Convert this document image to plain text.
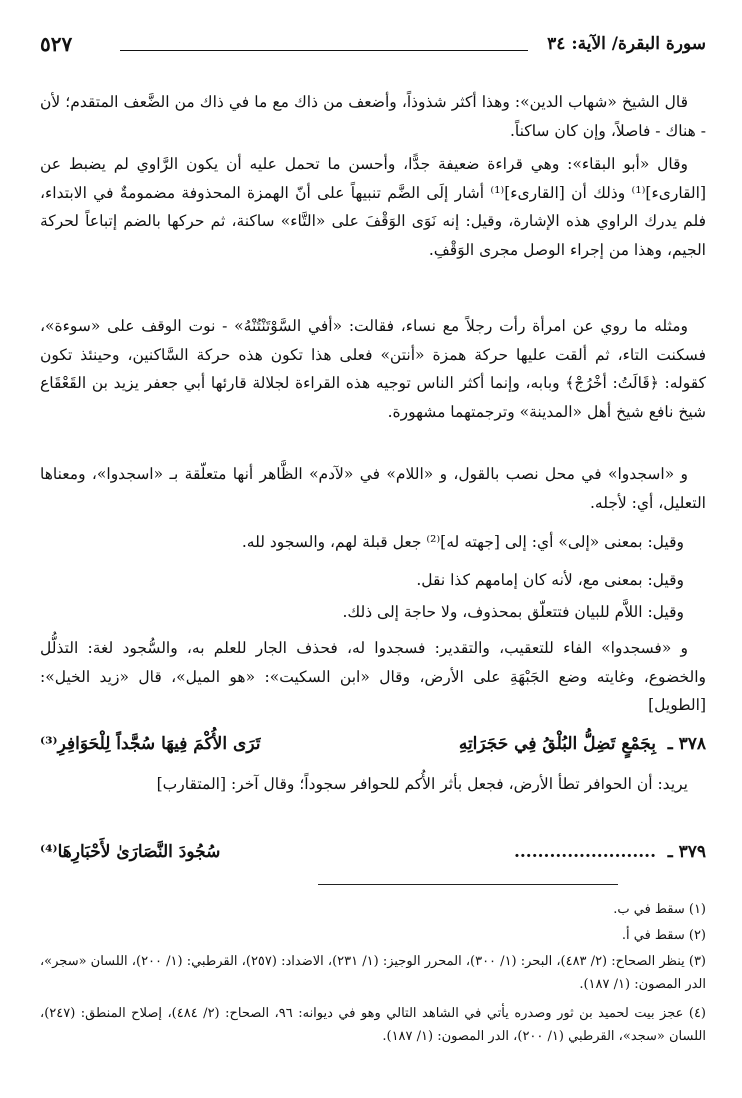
سورة البقرة/ الآية: ٣٤
٥٢٧
قال الشيخ «شهاب الدين»: وهذا أكثر شذوذاً، وأضعف من ذاك مع ما في ذاك من الضَّعف المتقدم؛ لأن - هناك - فاصلاً، وإن كان ساكناً.
وقال «أبو البقاء»: وهي قراءة ضعيفة جدًّا، وأحسن ما تحمل عليه أن يكون الرَّاوي لم يضبط عن [القارىء]⁽¹⁾ وذلك أن [القارىء]⁽¹⁾ أشار إلَى الضَّم تنبيهاً على أنّ الهمزة المحذوفة مضمومةٌ في الابتداء، فلم يدرك الراوي هذه الإشارة، وقيل: إنه نَوَى الوَقْفَ على «التَّاء» ساكنة، ثم حركها بالضم إتباعاً لحركة الجيم، وهذا من إجراء الوصل مجرى الوَقْفِ.
ومثله ما روي عن امرأة رأت رجلاً مع نساء، فقالت: «أفي السَّوْتَنْتُنْهُ» - نوت الوقف على «سوءة»، فسكنت التاء، ثم ألقت عليها حركة همزة «أنتن» فعلى هذا تكون هذه حركة السَّاكنين، وحينئذ تكون كقوله: ﴿قَالَتُ: أخْرُجْ﴾ وبابه، وإنما أكثر الناس توجيه هذه القراءة لجلالة قارئها أبي جعفر يزيد بن القَعْقَاع شيخ نافع شيخ أهل «المدينة» وترجمتهما مشهورة.
و «اسجدوا» في محل نصب بالقول، و «اللام» في «لآدم» الظَّاهر أنها متعلّقة بـ «اسجدوا»، ومعناها التعليل، أي: لأجله.
وقيل: بمعنى «إلى» أي: إلى [جهته له]⁽²⁾ جعل قبلة لهم، والسجود لله.
وقيل: بمعنى مع، لأنه كان إمامهم كذا نقل.
وقيل: اللاَّم للبيان فتتعلّق بمحذوف، ولا حاجة إلى ذلك.
و «فسجدوا» الفاء للتعقيب، والتقدير: فسجدوا له، فحذف الجار للعلم به، والسُّجود لغة: التذلُّل والخضوع، وغايته وضع الجَبْهَةِ على الأرض، وقال «ابن السكيت»: «هو الميل»، قال «زيد الخيل»: [الطويل]
٣٧٨ ـ
بِجَمْعٍ تَضِلُّ البُلْقُ فِي حَجَرَاتِهِ
تَرَى الأُكْمَ فِيهَا سُجَّداً لِلْحَوَافِرِ⁽³⁾
يريد: أن الحوافر تطأ الأرض، فجعل بأثر الأُكم للحوافر سجوداً؛ وقال آخر: [المتقارب]
٣٧٩ ـ
........................
سُجُودَ النَّصَارَىٰ لأَحْبَارِهَا⁽⁴⁾
(١) سقط في ب.
(٢) سقط في أ.
(٣) ينظر الصحاح: (٢/ ٤٨٣)، البحر: (١/ ٣٠٠)، المحرر الوجيز: (١/ ٢٣١)، الاضداد: (٢٥٧)، القرطبي: (١/ ٢٠٠)، اللسان «سجر»، الدر المصون: (١/ ١٨٧).
(٤) عجز بيت لحميد بن ثور وصدره يأتي في الشاهد التالي وهو في ديوانه: ٩٦، الصحاح: (٢/ ٤٨٤)، إصلاح المنطق: (٢٤٧)، اللسان «سجد»، القرطبي (١/ ٢٠٠)، الدر المصون: (١/ ١٨٧).
